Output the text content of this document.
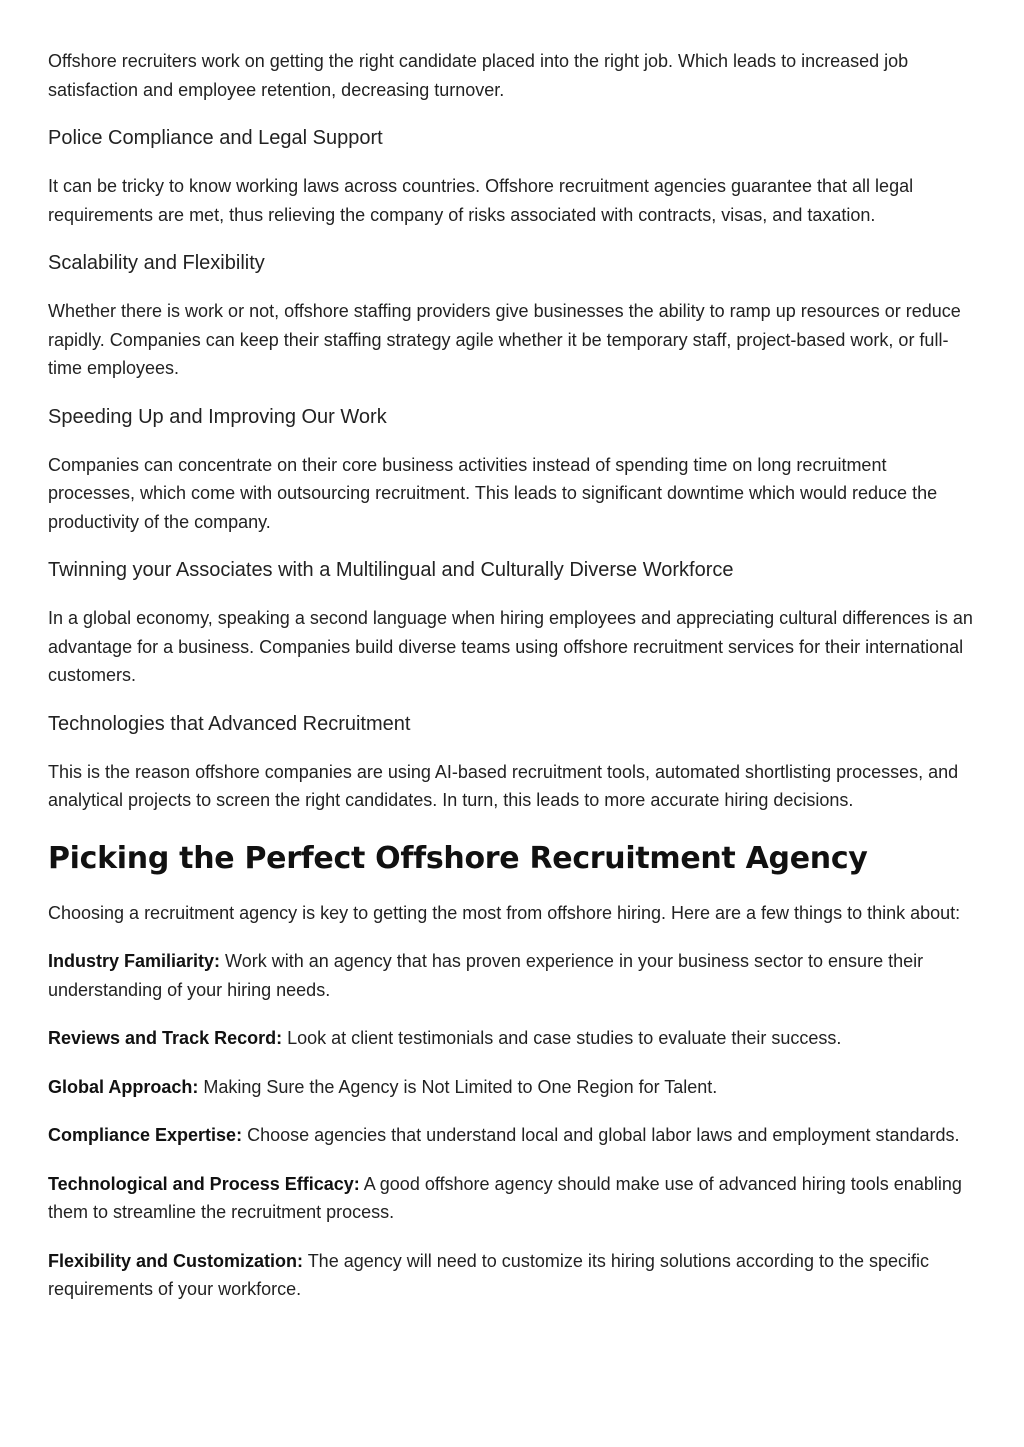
Offshore recruiters work on getting the right candidate placed into the right job. Which leads to increased job satisfaction and employee retention, decreasing turnover.

Police Compliance and Legal Support

It can be tricky to know working laws across countries. Offshore recruitment agencies guarantee that all legal requirements are met, thus relieving the company of risks associated with contracts, visas, and taxation.

Scalability and Flexibility

Whether there is work or not, offshore staffing providers give businesses the ability to ramp up resources or reduce rapidly. Companies can keep their staffing strategy agile whether it be temporary staff, project-based work, or full-time employees.

Speeding Up and Improving Our Work

Companies can concentrate on their core business activities instead of spending time on long recruitment processes, which come with outsourcing recruitment. This leads to significant downtime which would reduce the productivity of the company.

Twinning your Associates with a Multilingual and Culturally Diverse Workforce

In a global economy, speaking a second language when hiring employees and appreciating cultural differences is an advantage for a business. Companies build diverse teams using offshore recruitment services for their international customers.

Technologies that Advanced Recruitment

This is the reason offshore companies are using AI-based recruitment tools, automated shortlisting processes, and analytical projects to screen the right candidates. In turn, this leads to more accurate hiring decisions.

Picking the Perfect Offshore Recruitment Agency

Choosing a recruitment agency is key to getting the most from offshore hiring. Here are a few things to think about:

Industry Familiarity: Work with an agency that has proven experience in your business sector to ensure their understanding of your hiring needs.

Reviews and Track Record: Look at client testimonials and case studies to evaluate their success.

Global Approach: Making Sure the Agency is Not Limited to One Region for Talent.

Compliance Expertise: Choose agencies that understand local and global labor laws and employment standards.

Technological and Process Efficacy: A good offshore agency should make use of advanced hiring tools enabling them to streamline the recruitment process.

Flexibility and Customization: The agency will need to customize its hiring solutions according to the specific requirements of your workforce.
